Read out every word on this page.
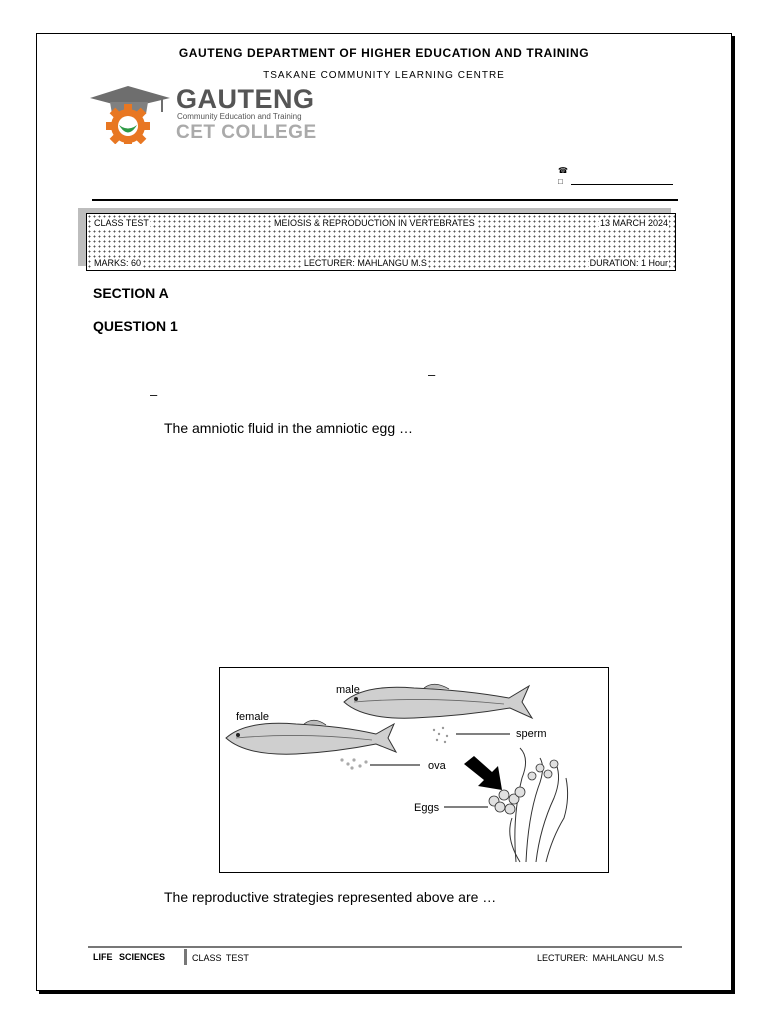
GAUTENG DEPARTMENT OF HIGHER EDUCATION AND TRAINING
TSAKANE COMMUNITY LEARNING CENTRE
GAUTENG
Community Education and Training
CET COLLEGE
☎
□
CLASS TEST	MEIOSIS & REPRODUCTION IN VERTEBRATES	13 MARCH 2024
MARKS: 60	LECTURER: MAHLANGU M.S	DURATION: 1 Hour
SECTION A
QUESTION 1
–
–
The amniotic fluid in the amniotic egg …
male
female
sperm
ova
Eggs
The reproductive strategies represented above are …
LIFE SCIENCES	CLASS TEST	LECTURER: MAHLANGU M.S
